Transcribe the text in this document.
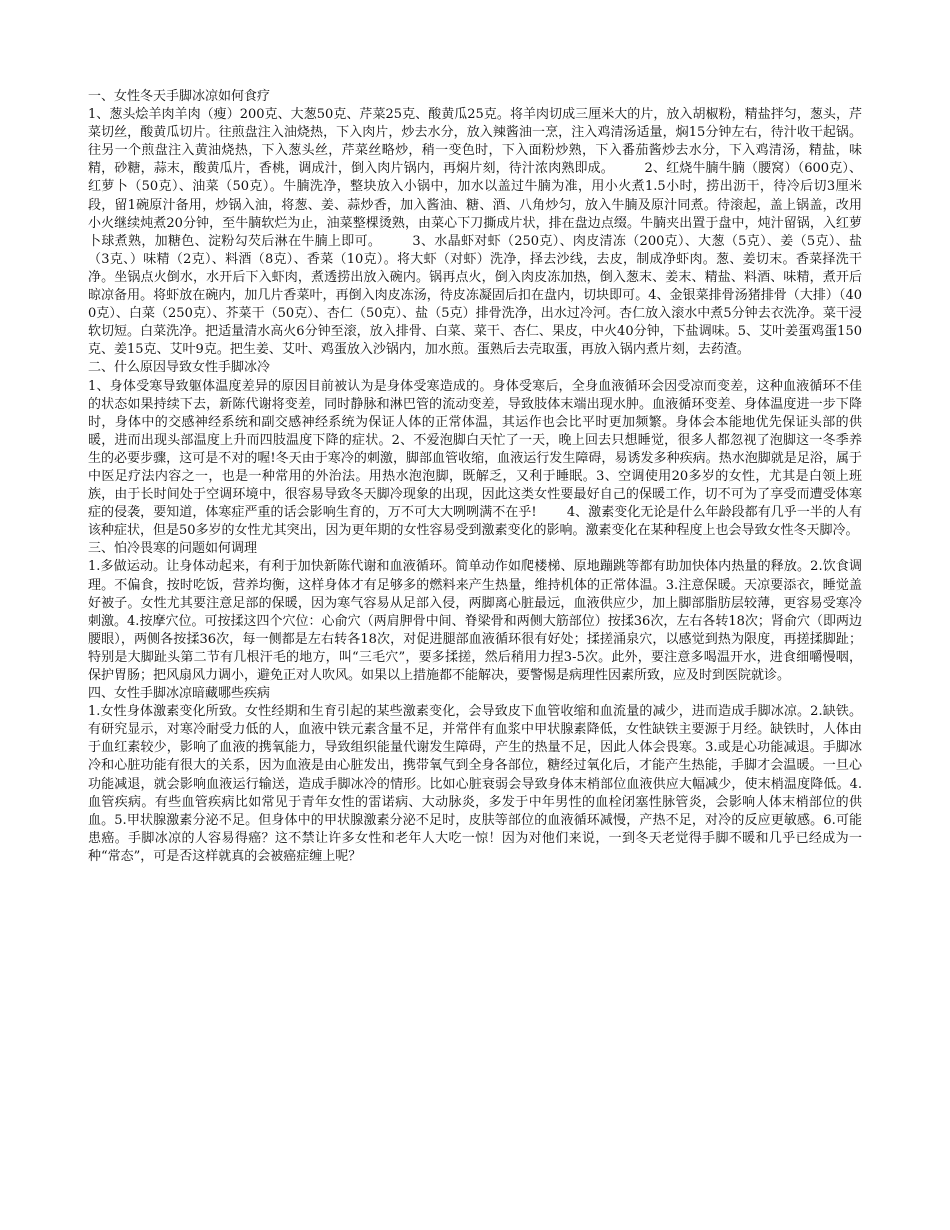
一、女性冬天手脚冰凉如何食疗

1、葱头烩羊肉羊肉（瘦）200克、大葱50克、芹菜25克、酸黄瓜25克。将羊肉切成三厘米大的片，放入胡椒粉，精盐拌匀，葱头，芹菜切丝，酸黄瓜切片。往煎盘注入油烧热，下入肉片，炒去水分，放入辣酱油一烹，注入鸡清汤适量，焖15分钟左右，待汁收干起锅。往另一个煎盘注入黄油烧热，下入葱头丝，芹菜丝略炒，稍一变色时，下入面粉炒熟，下入番茄酱炒去水分，下入鸡清汤，精盐，味精，砂糖，蒜末，酸黄瓜片，香桃，调成汁，倒入肉片锅内，再焖片刻，待汁浓肉熟即成。 　　2、红烧牛腩牛腩（腰窝）（600克）、红萝卜（50克）、油菜（50克）。牛腩洗净，整块放入小锅中，加水以盖过牛腩为准，用小火煮1.5小时，捞出沥干，待冷后切3厘米段，留1碗原汁备用，炒锅入油，将葱、姜、蒜炒香，加入酱油、糖、酒、八角炒匀，放入牛腩及原汁同煮。待滚起，盖上锅盖，改用小火继续炖煮20分钟，至牛腩软烂为止，油菜整棵烫熟，由菜心下刀撕成片状，排在盘边点缀。牛腩夹出置于盘中，炖汁留锅，入红萝卜球煮熟，加糖色、淀粉勾芡后淋在牛腩上即可。 　　3、水晶虾对虾（250克）、肉皮清冻（200克）、大葱（5克）、姜（5克）、盐（3克、）味精（2克）、料酒（8克）、香菜（10克）。将大虾（对虾）洗净，择去沙线，去皮，制成净虾肉。葱、姜切末。香菜择洗干净。坐锅点火倒水，水开后下入虾肉，煮透捞出放入碗内。锅再点火，倒入肉皮冻加热，倒入葱末、姜末、精盐、料酒、味精，煮开后晾凉备用。将虾放在碗内，加几片香菜叶，再倒入肉皮冻汤，待皮冻凝固后扣在盘内，切块即可。4、金银菜排骨汤猪排骨（大排）（400克）、白菜（250克）、芥菜干（50克）、杏仁（50克）、盐（5克）排骨洗净，出水过冷河。杏仁放入滚水中煮5分钟去衣洗净。菜干浸软切短。白菜洗净。把适量清水高火6分钟至滚，放入排骨、白菜、菜干、杏仁、果皮，中火40分钟，下盐调味。5、艾叶姜蛋鸡蛋150克、姜15克、艾叶9克。把生姜、艾叶、鸡蛋放入沙锅内，加水煎。蛋熟后去壳取蛋，再放入锅内煮片刻，去药渣。

二、什么原因导致女性手脚冰冷

1、身体受寒导致躯体温度差异的原因目前被认为是身体受寒造成的。身体受寒后，全身血液循环会因受凉而变差，这种血液循环不佳的状态如果持续下去，新陈代谢将变差，同时静脉和淋巴管的流动变差，导致肢体末端出现水肿。血液循环变差、身体温度进一步下降时，身体中的交感神经系统和副交感神经系统为保证人体的正常体温，其运作也会比平时更加频繁。身体会本能地优先保证头部的供暖，进而出现头部温度上升而四肢温度下降的症状。2、不爱泡脚白天忙了一天，晚上回去只想睡觉，很多人都忽视了泡脚这一冬季养生的必要步骤，这可是不对的喔!冬天由于寒冷的刺激，脚部血管收缩，血液运行发生障碍，易诱发多种疾病。热水泡脚就是足浴，属于中医足疗法内容之一，也是一种常用的外治法。用热水泡泡脚，既解乏，又利于睡眠。3、空调使用20多岁的女性，尤其是白领上班族，由于长时间处于空调环境中，很容易导致冬天脚冷现象的出现，因此这类女性要最好自己的保暖工作，切不可为了享受而遭受体寒症的侵袭，要知道，体寒症严重的话会影响生育的，万不可大大咧咧满不在乎! 　　4、激素变化无论是什么年龄段都有几乎一半的人有该种症状，但是50多岁的女性尤其突出，因为更年期的女性容易受到激素变化的影响。激素变化在某种程度上也会导致女性冬天脚冷。

三、怕冷畏寒的问题如何调理

1.多做运动。让身体动起来，有利于加快新陈代谢和血液循环。简单动作如爬楼梯、原地蹦跳等都有助加快体内热量的释放。2.饮食调理。不偏食，按时吃饭，营养均衡，这样身体才有足够多的燃料来产生热量，维持机体的正常体温。3.注意保暖。天凉要添衣，睡觉盖好被子。女性尤其要注意足部的保暖，因为寒气容易从足部入侵，两脚离心脏最远，血液供应少，加上脚部脂肪层较薄，更容易受寒冷刺激。4.按摩穴位。可按揉这四个穴位：心俞穴（两肩胛骨中间、脊梁骨和两侧大筋部位）按揉36次，左右各转18次；肾俞穴（即两边腰眼），两侧各按揉36次，每一侧都是左右转各18次，对促进腿部血液循环很有好处；揉搓涌泉穴，以感觉到热为限度，再搓揉脚趾；特别是大脚趾头第二节有几根汗毛的地方，叫“三毛穴”，要多揉搓，然后稍用力捏3-5次。此外，要注意多喝温开水，进食细嚼慢咽，保护胃肠；把风扇风力调小，避免正对人吹风。如果以上措施都不能解决，要警惕是病理性因素所致，应及时到医院就诊。

四、女性手脚冰凉暗藏哪些疾病

1.女性身体激素变化所致。女性经期和生育引起的某些激素变化，会导致皮下血管收缩和血流量的减少，进而造成手脚冰凉。2.缺铁。有研究显示，对寒冷耐受力低的人，血液中铁元素含量不足，并常伴有血浆中甲状腺素降低，女性缺铁主要源于月经。缺铁时，人体由于血红素较少，影响了血液的携氧能力，导致组织能量代谢发生障碍，产生的热量不足，因此人体会畏寒。3.或是心功能减退。手脚冰冷和心脏功能有很大的关系，因为血液是由心脏发出，携带氧气到全身各部位，糖经过氧化后，才能产生热能，手脚才会温暖。一旦心功能减退，就会影响血液运行输送，造成手脚冰冷的情形。比如心脏衰弱会导致身体末梢部位血液供应大幅减少，使末梢温度降低。4.血管疾病。有些血管疾病比如常见于青年女性的雷诺病、大动脉炎，多发于中年男性的血栓闭塞性脉管炎，会影响人体末梢部位的供血。5.甲状腺激素分泌不足。但身体中的甲状腺激素分泌不足时，皮肤等部位的血液循环减慢，产热不足，对冷的反应更敏感。6.可能患癌。手脚冰凉的人容易得癌？这不禁让许多女性和老年人大吃一惊！因为对他们来说，一到冬天老觉得手脚不暖和几乎已经成为一种“常态”，可是否这样就真的会被癌症缠上呢？
